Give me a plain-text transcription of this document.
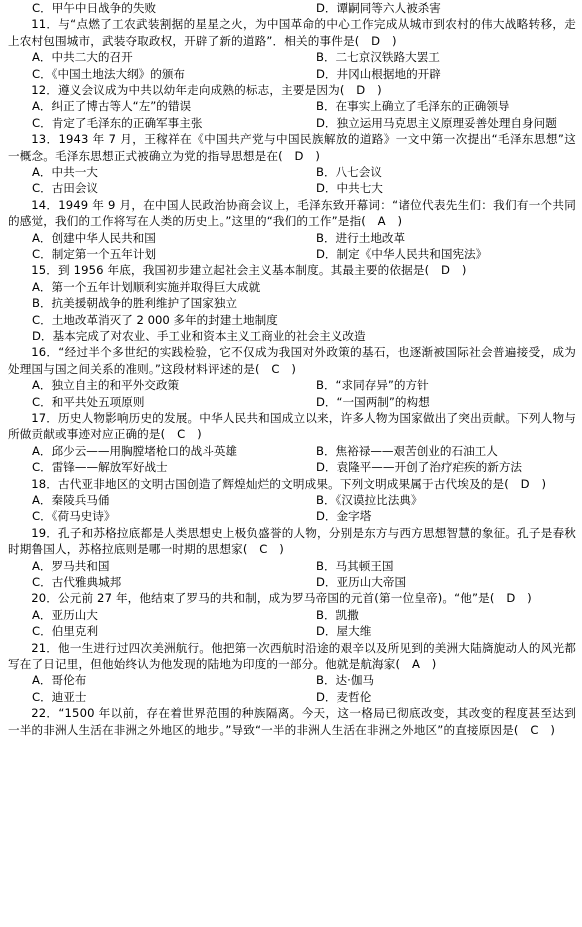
C．甲午中日战争的失败	D．谭嗣同等六人被杀害
11．与“点燃了工农武装割据的星星之火，为中国革命的中心工作完成从城市到农村的伟大战略转移，走上农村包围城市，武装夺取政权，开辟了新的道路”．相关的事件是(　D　)
A．中共二大的召开	B．二七京汉铁路大罢工
C．《中国土地法大纲》的颁布	D．井冈山根据地的开辟
12．遵义会议成为中共以幼年走向成熟的标志，主要是因为(　D　)
A．纠正了博古等人“左”的错误	B．在事实上确立了毛泽东的正确领导
C．肯定了毛泽东的正确军事主张	D．独立运用马克思主义原理妥善处理自身问题
13．1943 年 7 月，王稼祥在《中国共产党与中国民族解放的道路》一文中第一次提出“毛泽东思想”这一概念。毛泽东思想正式被确立为党的指导思想是在(　D　)
A．中共一大	B．八七会议
C．古田会议	D．中共七大
14．1949 年 9 月，在中国人民政治协商会议上，毛泽东致开幕词：“诸位代表先生们：我们有一个共同的感觉，我们的工作将写在人类的历史上。”这里的“我们的工作”是指(　A　)
A．创建中华人民共和国	B．进行土地改革
C．制定第一个五年计划	D．制定《中华人民共和国宪法》
15．到 1956 年底，我国初步建立起社会主义基本制度。其最主要的依据是(　D　)
A．第一个五年计划顺利实施并取得巨大成就
B．抗美援朝战争的胜利维护了国家独立
C．土地改革消灭了 2 000 多年的封建土地制度
D．基本完成了对农业、手工业和资本主义工商业的社会主义改造
16．“经过半个多世纪的实践检验，它不仅成为我国对外政策的基石，也逐渐被国际社会普遍接受，成为处理国与国之间关系的准则。”这段材料评述的是(　C　)
A．独立自主的和平外交政策	B．“求同存异”的方针
C．和平共处五项原则	D．“一国两制”的构想
17．历史人物影响历史的发展。中华人民共和国成立以来，许多人物为国家做出了突出贡献。下列人物与所做贡献或事迹对应正确的是(　C　)
A．邱少云——用胸膛堵枪口的战斗英雄	B．焦裕禄——艰苦创业的石油工人
C．雷锋——解放军好战士	D．袁隆平——开创了治疗疟疾的新方法
18．古代亚非地区的文明古国创造了辉煌灿烂的文明成果。下列文明成果属于古代埃及的是(　D　)
A．秦陵兵马俑	B．《汉谟拉比法典》
C．《荷马史诗》	D．金字塔
19．孔子和苏格拉底都是人类思想史上极负盛誉的人物，分别是东方与西方思想智慧的象征。孔子是春秋时期鲁国人，苏格拉底则是哪一时期的思想家(　C　)
A．罗马共和国	B．马其顿王国
C．古代雅典城邦	D．亚历山大帝国
20．公元前 27 年，他结束了罗马的共和制，成为罗马帝国的元首(第一位皇帝)。“他”是(　D　)
A．亚历山大	B．凯撒
C．伯里克利	D．屋大维
21．他一生进行过四次美洲航行。他把第一次西航时沿途的艰辛以及所见到的美洲大陆旖旎动人的风光都写在了日记里，但他始终认为他发现的陆地为印度的一部分。他就是航海家(　A　)
A．哥伦布	B．达·伽马
C．迪亚士	D．麦哲伦
22．“1500 年以前，存在着世界范围的种族隔离。今天，这一格局已彻底改变，其改变的程度甚至达到一半的非洲人生活在非洲之外地区的地步。”导致“一半的非洲人生活在非洲之外地区”的直接原因是(　C　)
